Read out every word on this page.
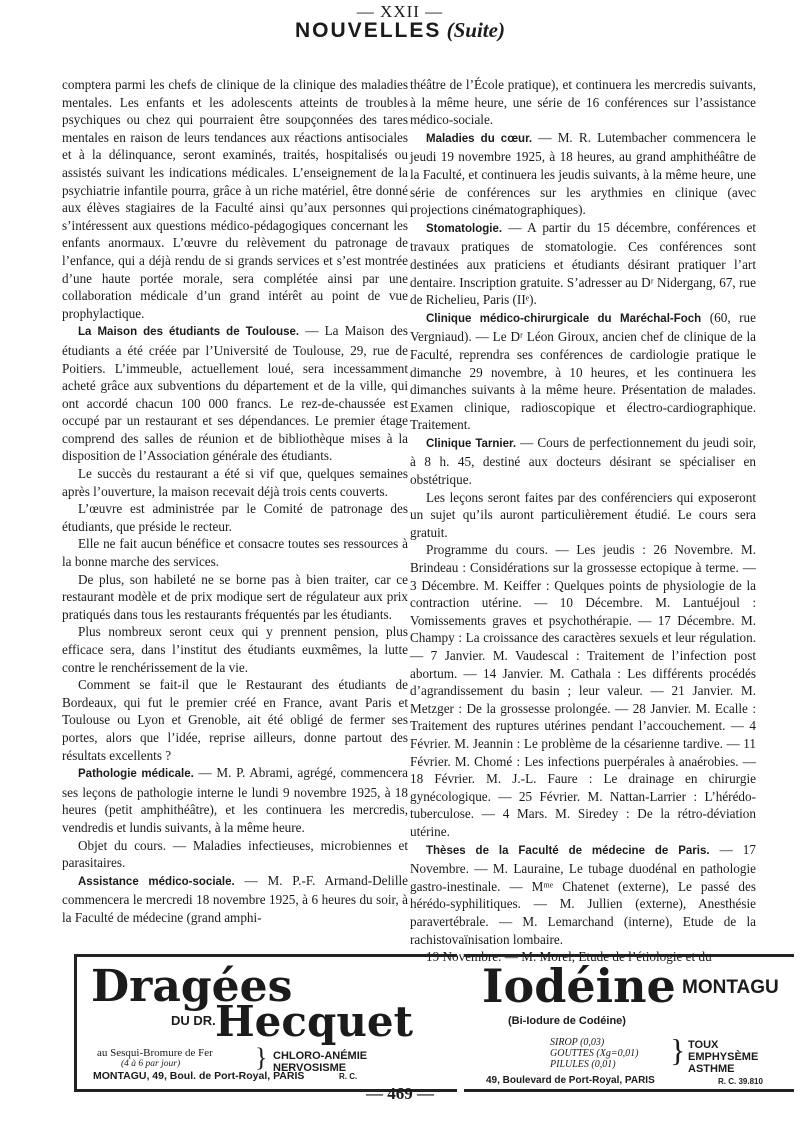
— XXII —
NOUVELLES (Suite)

comptera parmi les chefs de clinique de la clinique des maladies mentales. Les enfants et les adolescents atteints de troubles psychiques ou chez qui pourraient être soupçonnées des tares mentales en raison de leurs tendances aux réactions antisociales et à la délinquance, seront examinés, traités, hospitalisés ou assistés suivant les indications médicales. L’enseignement de la psychiatrie infantile pourra, grâce à un riche matériel, être donné aux élèves stagiaires de la Faculté ainsi qu’aux personnes qui s’intéressent aux questions médico-pédagogiques concernant les enfants anormaux. L’œuvre du relèvement du patronage de l’enfance, qui a déjà rendu de si grands services et s’est montrée d’une haute portée morale, sera complétée ainsi par une collaboration médicale d’un grand intérêt au point de vue prophylactique.

La Maison des étudiants de Toulouse. — La Maison des étudiants a été créée par l’Université de Toulouse, 29, rue de Poitiers. L’immeuble, actuellement loué, sera incessamment acheté grâce aux subventions du département et de la ville, qui ont accordé chacun 100 000 francs. Le rez-de-chaussée est occupé par un restaurant et ses dépendances. Le premier étage comprend des salles de réunion et de bibliothèque mises à la disposition de l’Association générale des étudiants.

Le succès du restaurant a été si vif que, quelques semaines après l’ouverture, la maison recevait déjà trois cents couverts.

L’œuvre est administrée par le Comité de patronage des étudiants, que préside le recteur.

Elle ne fait aucun bénéfice et consacre toutes ses ressources à la bonne marche des services.

De plus, son habileté ne se borne pas à bien traiter, car ce restaurant modèle et de prix modique sert de régulateur aux prix pratiqués dans tous les restaurants fréquentés par les étudiants.

Plus nombreux seront ceux qui y prennent pension, plus efficace sera, dans l’institut des étudiants euxmêmes, la lutte contre le renchérissement de la vie.

Comment se fait-il que le Restaurant des étudiants de Bordeaux, qui fut le premier créé en France, avant Paris et Toulouse ou Lyon et Grenoble, ait été obligé de fermer ses portes, alors que l’idée, reprise ailleurs, donne partout des résultats excellents ?

Pathologie médicale. — M. P. Abrami, agrégé, commencera ses leçons de pathologie interne le lundi 9 novembre 1925, à 18 heures (petit amphithéâtre), et les continuera les mercredis, vendredis et lundis suivants, à la même heure.

Objet du cours. — Maladies infectieuses, microbiennes et parasitaires.

Assistance médico-sociale. — M. P.-F. Armand-Delille commencera le mercredi 18 novembre 1925, à 6 heures du soir, à la Faculté de médecine (grand amphi-

théâtre de l’École pratique), et continuera les mercredis suivants, à la même heure, une série de 16 conférences sur l’assistance médico-sociale.

Maladies du cœur. — M. R. Lutembacher commencera le jeudi 19 novembre 1925, à 18 heures, au grand amphithéâtre de la Faculté, et continuera les jeudis suivants, à la même heure, une série de conférences sur les arythmies en clinique (avec projections cinématographiques).

Stomatologie. — A partir du 15 décembre, conférences et travaux pratiques de stomatologie. Ces conférences sont destinées aux praticiens et étudiants désirant pratiquer l’art dentaire. Inscription gratuite. S’adresser au Dʳ Nidergang, 67, rue de Richelieu, Paris (IIᵉ).

Clinique médico-chirurgicale du Maréchal-Foch (60, rue Vergniaud). — Le Dʳ Léon Giroux, ancien chef de clinique de la Faculté, reprendra ses conférences de cardiologie pratique le dimanche 29 novembre, à 10 heures, et les continuera les dimanches suivants à la même heure. Présentation de malades. Examen clinique, radioscopique et électro-cardiographique. Traitement.

Clinique Tarnier. — Cours de perfectionnement du jeudi soir, à 8 h. 45, destiné aux docteurs désirant se spécialiser en obstétrique.

Les leçons seront faites par des conférenciers qui exposeront un sujet qu’ils auront particulièrement étudié. Le cours sera gratuit.

Programme du cours. — Les jeudis : 26 Novembre. M. Brindeau : Considérations sur la grossesse ectopique à terme. — 3 Décembre. M. Keiffer : Quelques points de physiologie de la contraction utérine. — 10 Décembre. M. Lantuéjoul : Vomissements graves et psychothérapie. — 17 Décembre. M. Champy : La croissance des caractères sexuels et leur régulation. — 7 Janvier. M. Vaudescal : Traitement de l’infection post abortum. — 14 Janvier. M. Cathala : Les différents procédés d’agrandissement du basin ; leur valeur. — 21 Janvier. M. Metzger : De la grossesse prolongée. — 28 Janvier. M. Ecalle : Traitement des ruptures utérines pendant l’accouchement. — 4 Février. M. Jeannin : Le problème de la césarienne tardive. — 11 Février. M. Chomé : Les infections puerpérales à anaérobies. — 18 Février. M. J.-L. Faure : Le drainage en chirurgie gynécologique. — 25 Février. M. Nattan-Larrier : L’hérédo-tuberculose. — 4 Mars. M. Siredey : De la rétro-déviation utérine.

Thèses de la Faculté de médecine de Paris. — 17 Novembre. — M. Lauraine, Le tubage duodénal en pathologie gastro-inestinale. — Mᵐᵉ Chatenet (externe), Le passé des hérédo-syphilitiques. — M. Jullien (externe), Anesthésie paravertébrale. — M. Lemarchand (interne), Etude de la rachistovaïnisation lombaire.

19 Novembre. — M. Morel, Etude de l’étiologie et du

Dragées
DU DR. Hecquet
au Sesqui-Bromure de Fer
(4 à 6 par jour)	} CHLORO-ANÉMIE
NERVOSISME
MONTAGU, 49, Boul. de Port-Royal, PARIS	R. C.
Iodéine MONTAGU
(Bi-Iodure de Codéine)
SIROP (0,03)
GOUTTES (Xg=0,01)
PILULES (0,01) } TOUX
EMPHYSÈME
ASTHME
49, Boulevard de Port-Royal, PARIS	R. C. 39.810
— 469 —
